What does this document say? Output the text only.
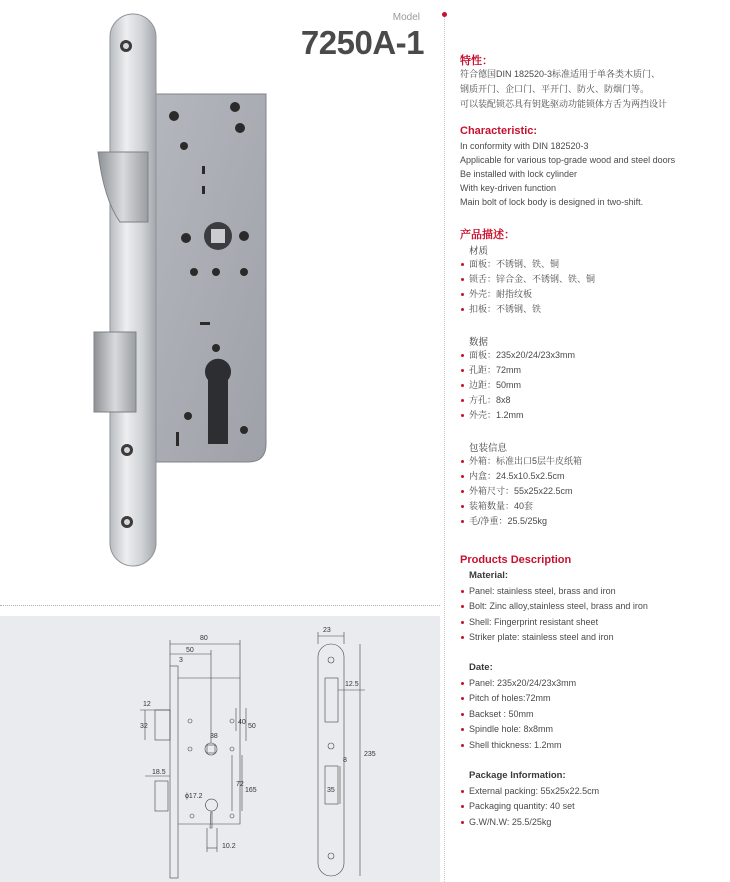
Model
7250A-1
80
50
3
12
32
40
50
38
18.5
ϕ17.2
72
165
10.2
23
12.5
235
8
35
特性：
符合德国DIN 182520-3标准适用于单各类木质门、
钢质开门、企口门、平开门、防火、防烟门等。
可以装配锁芯具有钥匙驱动功能锁体方舌为两挡设计
Characteristic:
In conformity with DIN 182520-3
Applicable for various top-grade wood and steel doors
Be installed with lock cylinder
With key-driven function
Main bolt of lock body is designed in two-shift.
产品描述：
材质
面板：不锈钢、铁、铜
锁舌：锌合金、不锈钢、铁、铜
外壳：耐指纹板
扣板：不锈钢、铁
数据
面板：235x20/24/23x3mm
孔距：72mm
边距：50mm
方孔：8x8
外壳：1.2mm
包装信息
外箱：标准出口5层牛皮纸箱
内盒：24.5x10.5x2.5cm
外箱尺寸：55x25x22.5cm
装箱数量：40套
毛/净重：25.5/25kg
Products Description
Material:
Panel: stainless steel, brass and iron
Bolt: Zinc alloy,stainless steel, brass and iron
Shell: Fingerprint resistant sheet
Striker plate: stainless steel and iron
Date:
Panel: 235x20/24/23x3mm
Pitch of holes:72mm
Backset : 50mm
Spindle hole: 8x8mm
Shell thickness: 1.2mm
Package Information:
External packing: 55x25x22.5cm
Packaging quantity: 40 set
G.W/N.W: 25.5/25kg
